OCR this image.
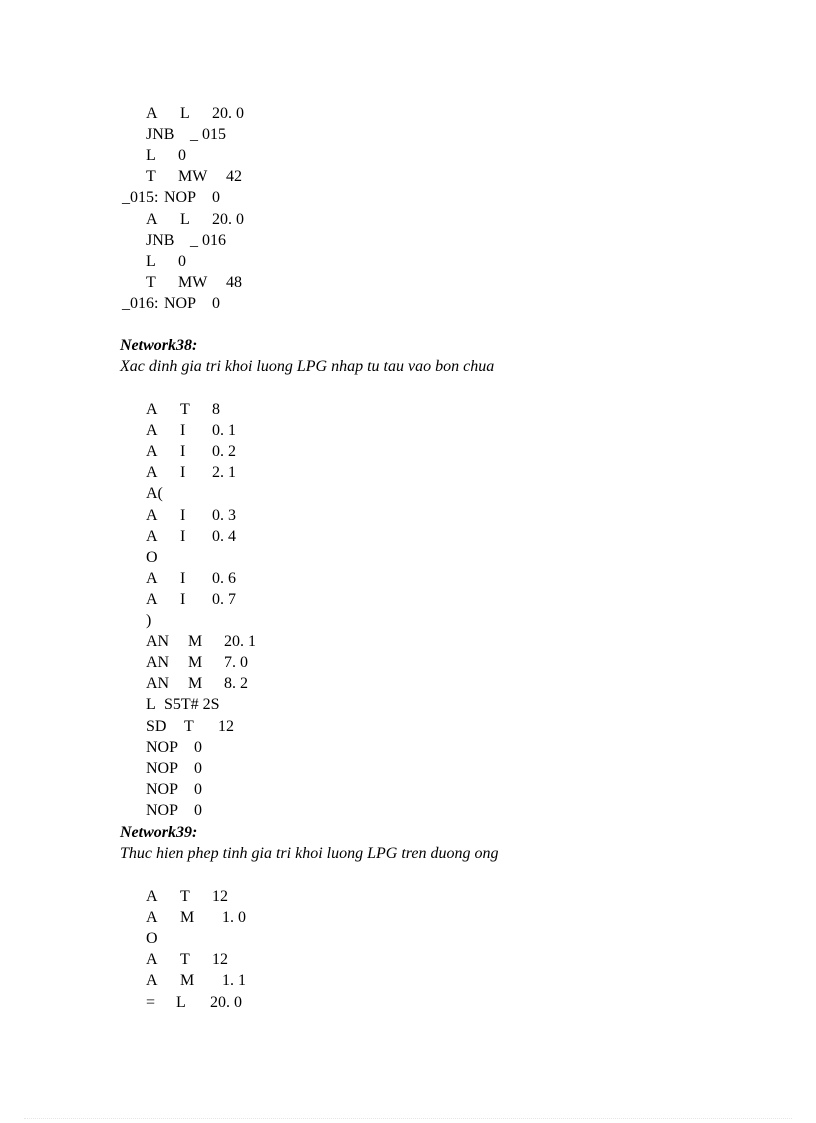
A L 20. 0
JNB _ 015
L 0
T MW 42
_015: NOP 0
A L 20. 0
JNB _ 016
L 0
T MW 48
_016: NOP 0
Network38:
Xac dinh gia tri khoi luong LPG nhap tu tau vao bon chua
A T 8
A I 0. 1
A I 0. 2
A I 2. 1
A(
A I 0. 3
A I 0. 4
O
A I 0. 6
A I 0. 7
)
AN M 20. 1
AN M 7. 0
AN M 8. 2
L S5T# 2S
SD T 12
NOP 0
NOP 0
NOP 0
NOP 0
Network39:
Thuc hien phep tinh gia tri khoi luong LPG tren duong ong
A T 12
A M 1. 0
O
A T 12
A M 1. 1
= L 20. 0
